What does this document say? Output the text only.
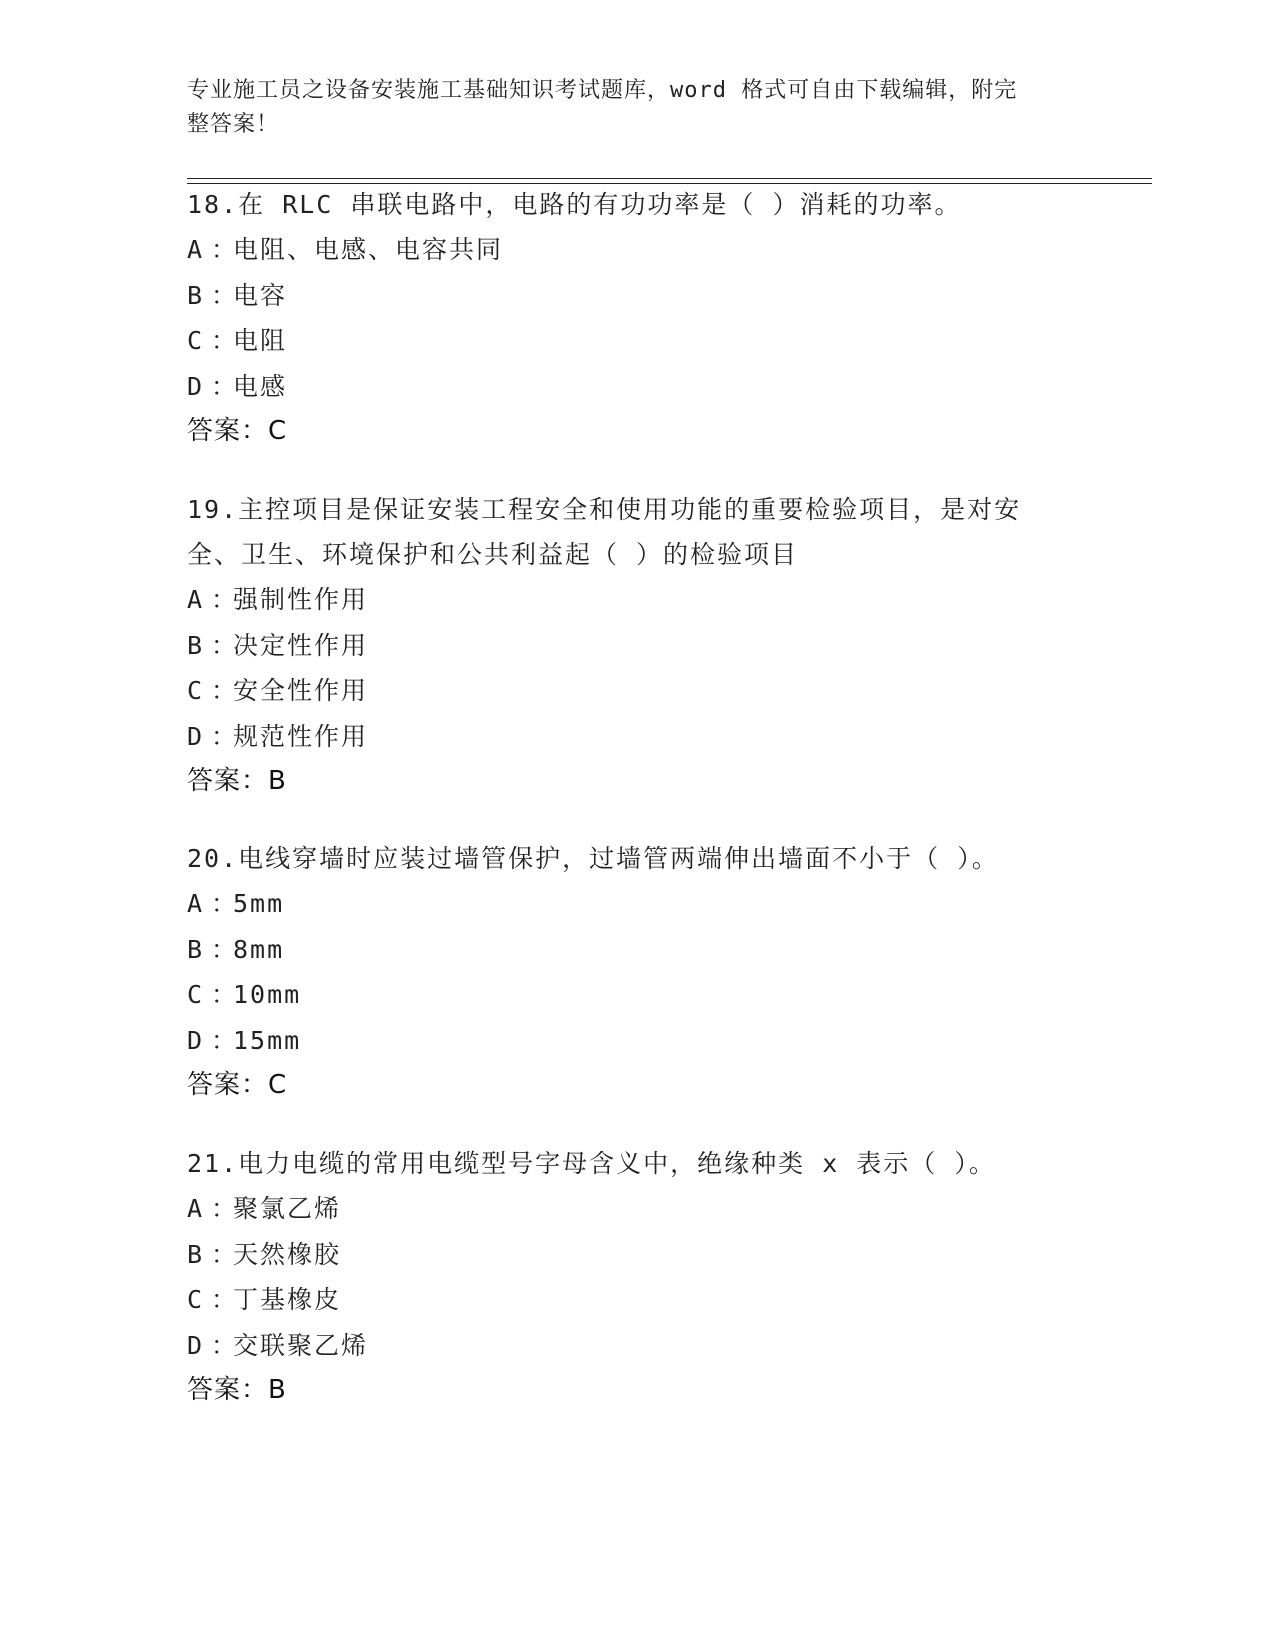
专业施工员之设备安装施工基础知识考试题库，word 格式可自由下载编辑，附完
整答案！

18.在 RLC 串联电路中，电路的有功功率是（ ）消耗的功率。

A ：电阻、电感、电容共同

B ：电容

C ：电阻

D ：电感

答案：C

19.主控项目是保证安装工程安全和使用功能的重要检验项目，是对安

全、卫生、环境保护和公共利益起（ ）的检验项目

A ：强制性作用

B ：决定性作用

C ：安全性作用

D ：规范性作用

答案：B

20.电线穿墙时应装过墙管保护，过墙管两端伸出墙面不小于（ ）。

A ：5mm

B ：8mm

C ：10mm

D ：15mm

答案：C

21.电力电缆的常用电缆型号字母含义中，绝缘种类 x 表示（ ）。

A ：聚氯乙烯

B ：天然橡胶

C ：丁基橡皮

D ：交联聚乙烯

答案：B
